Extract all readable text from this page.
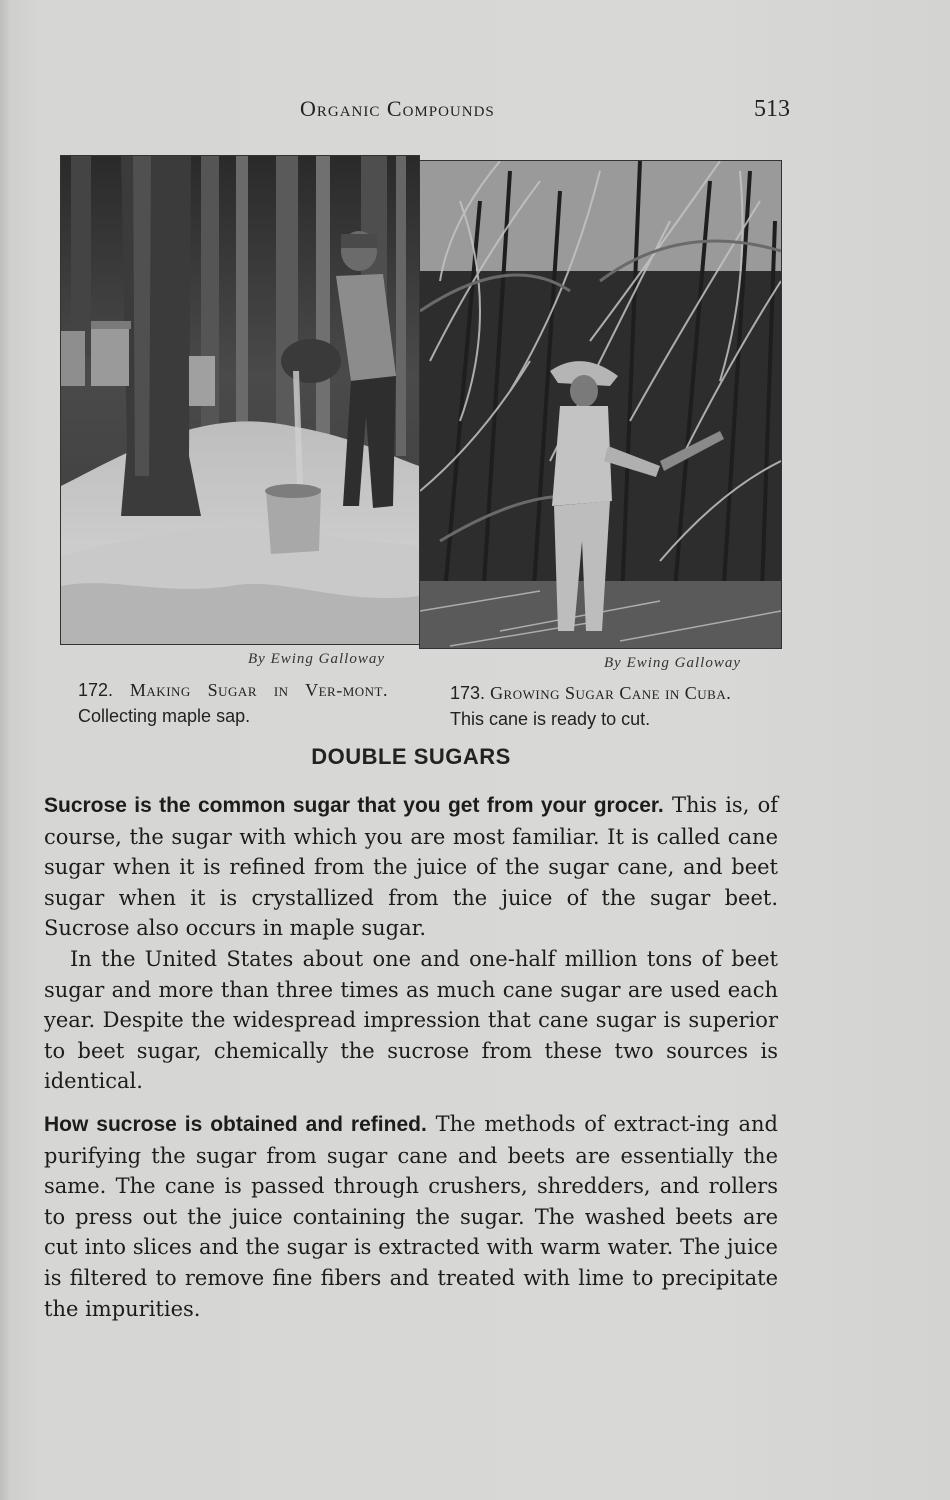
Organic Compounds	513
By Ewing Galloway	By Ewing Galloway
172. Making Sugar in Ver-mont. Collecting maple sap.
173. Growing Sugar Cane in Cuba. This cane is ready to cut.
DOUBLE SUGARS
Sucrose is the common sugar that you get from your grocer. This is, of course, the sugar with which you are most familiar. It is called cane sugar when it is refined from the juice of the sugar cane, and beet sugar when it is crystallized from the juice of the sugar beet. Sucrose also occurs in maple sugar.
In the United States about one and one-half million tons of beet sugar and more than three times as much cane sugar are used each year. Despite the widespread impression that cane sugar is superior to beet sugar, chemically the sucrose from these two sources is identical.
How sucrose is obtained and refined. The methods of extract-ing and purifying the sugar from sugar cane and beets are essentially the same. The cane is passed through crushers, shredders, and rollers to press out the juice containing the sugar. The washed beets are cut into slices and the sugar is extracted with warm water. The juice is filtered to remove fine fibers and treated with lime to precipitate the impurities.
